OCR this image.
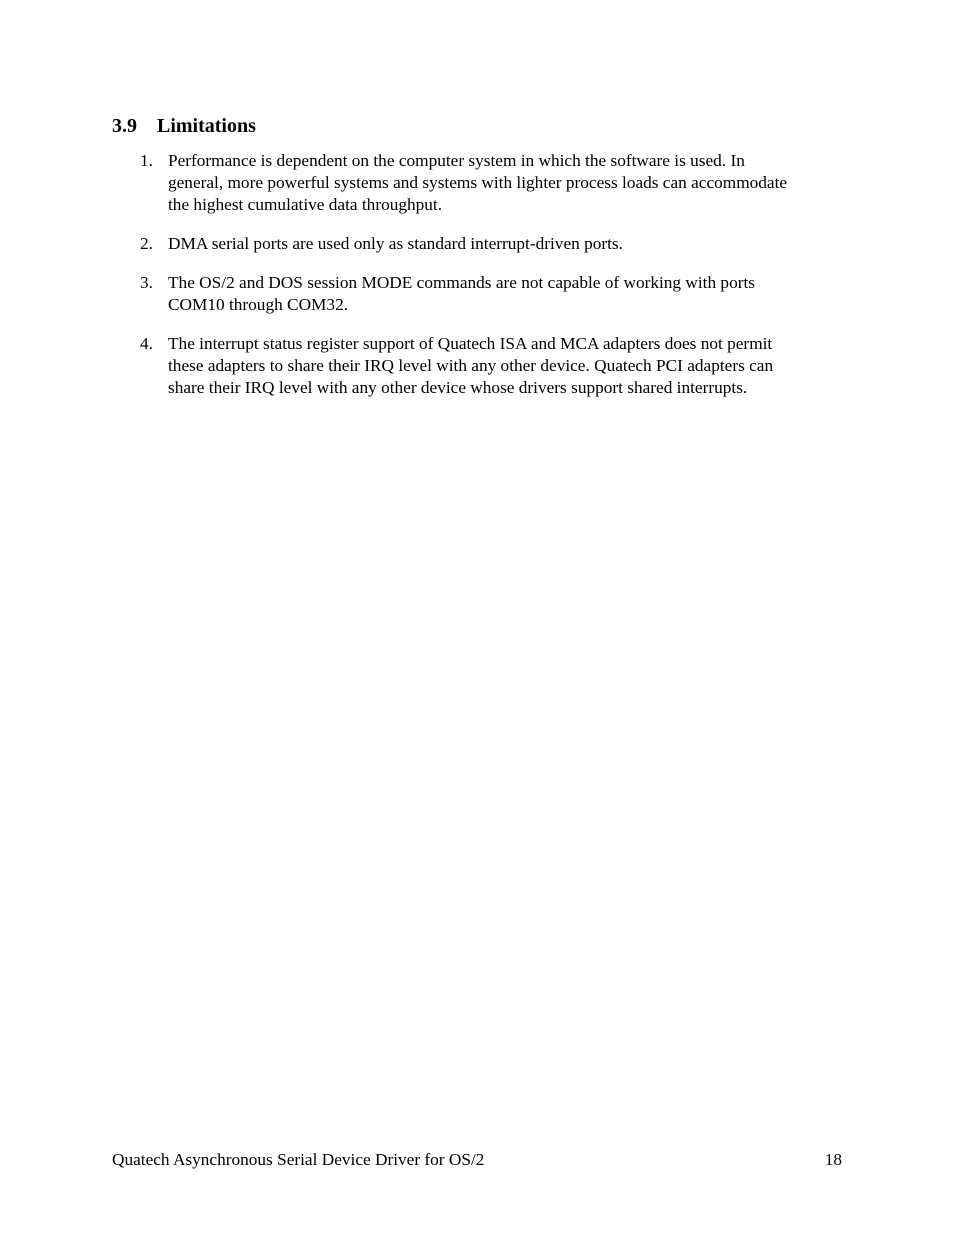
3.9 Limitations
1. Performance is dependent on the computer system in which the software is used. In
general, more powerful systems and systems with lighter process loads can accommodate
the highest cumulative data throughput.
2. DMA serial ports are used only as standard interrupt-driven ports.
3. The OS/2 and DOS session MODE commands are not capable of working with ports
COM10 through COM32.
4. The interrupt status register support of Quatech ISA and MCA adapters does not permit
these adapters to share their IRQ level with any other device. Quatech PCI adapters can
share their IRQ level with any other device whose drivers support shared interrupts.
Quatech Asynchronous Serial Device Driver for OS/2	18
